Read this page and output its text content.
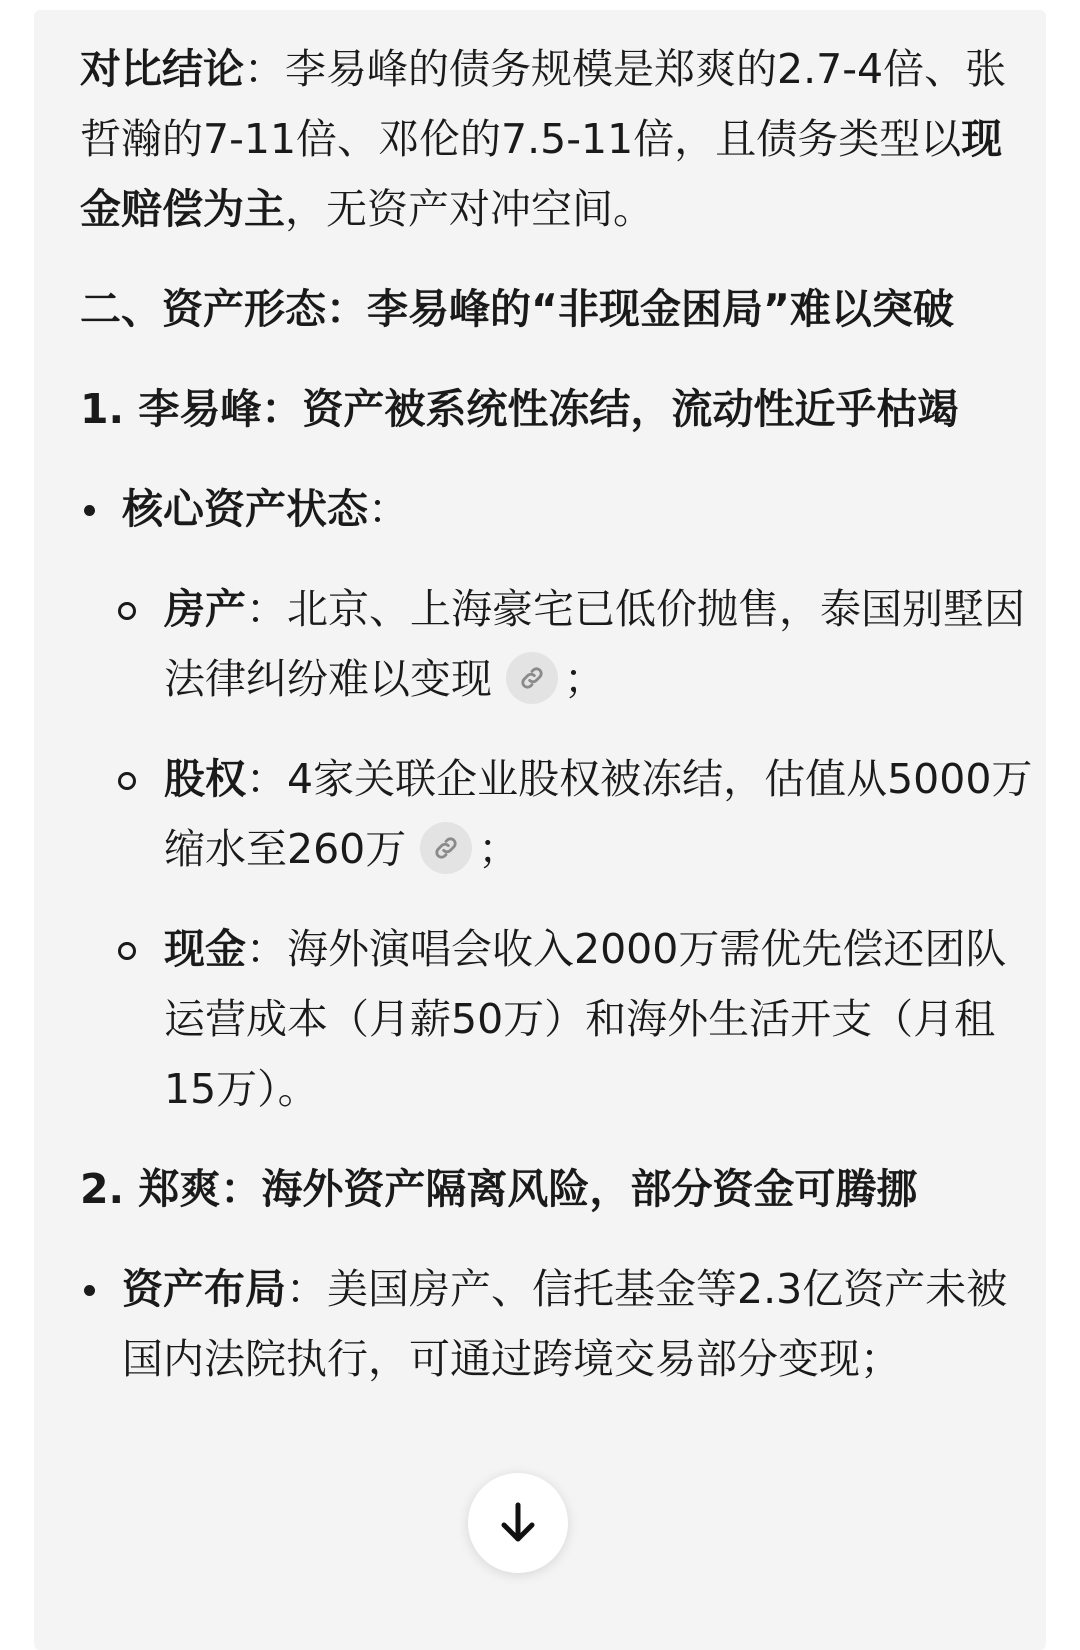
对比结论：李易峰的债务规模是郑爽的2.7-4倍、张哲瀚的7-11倍、邓伦的7.5-11倍，且债务类型以现金赔偿为主，无资产对冲空间。

二、资产形态：李易峰的“非现金困局”难以突破

1. 李易峰：资产被系统性冻结，流动性近乎枯竭

核心资产状态：
房产：北京、上海豪宅已低价抛售，泰国别墅因法律纠纷难以变现 ；
股权：4家关联企业股权被冻结，估值从5000万缩水至260万 ；
现金：海外演唱会收入2000万需优先偿还团队运营成本（月薪50万）和海外生活开支（月租15万）。

2. 郑爽：海外资产隔离风险，部分资金可腾挪

资产布局：美国房产、信托基金等2.3亿资产未被国内法院执行，可通过跨境交易部分变现；
